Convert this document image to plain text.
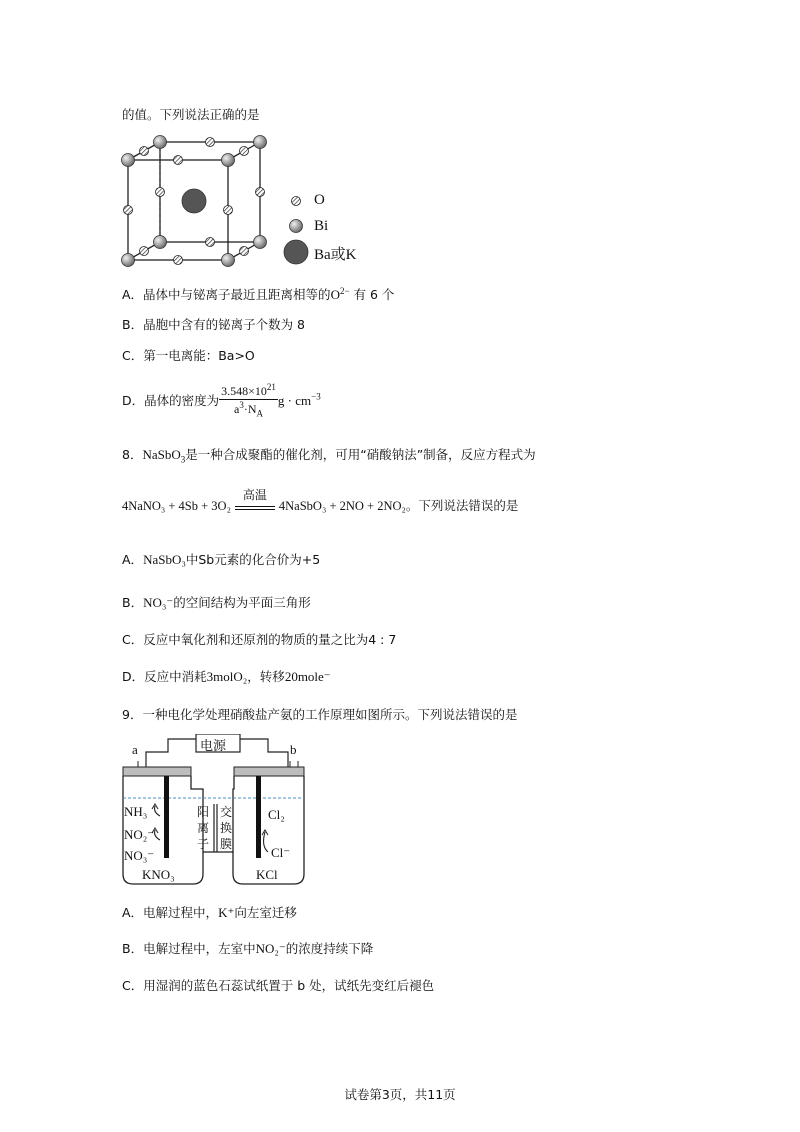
的值。下列说法正确的是
O
Bi
Ba或K
A．晶体中与铋离子最近且距离相等的$O^{2-}$ 有 6 个
B．晶胞中含有的铋离子个数为 8
C．第一电离能：Ba>O
D．晶体的密度为 $\frac{3.548\times 10^{21}}{a^3\cdot N_A}$ $g \cdot cm^{-3}$
8．NaSbO$_3$是一种合成聚酯的催化剂，可用“硝酸钠法”制备，反应方程式为
4NaNO₃ + 4Sb + 3O₂
高温
4NaSbO₃ + 2NO + 2NO₂。下列说法错误的是
A．NaSbO₃中Sb元素的化合价为+5
B．NO₃⁻的空间结构为平面三角形
C．反应中氧化剂和还原剂的物质的量之比为4 : 7
D．反应中消耗3molO₂，转移20mole⁻
9．一种电化学处理硝酸盐产氨的工作原理如图所示。下列说法错误的是
电源
a	b
阳
离
子
交
换
膜
NH₃
NO₂⁻
NO₃⁻
KNO₃
Cl₂
Cl⁻
KCl
A．电解过程中，K⁺向左室迁移
B．电解过程中，左室中NO₂⁻的浓度持续下降
C．用湿润的蓝色石蕊试纸置于 b 处，试纸先变红后褪色
试卷第3页，共11页
